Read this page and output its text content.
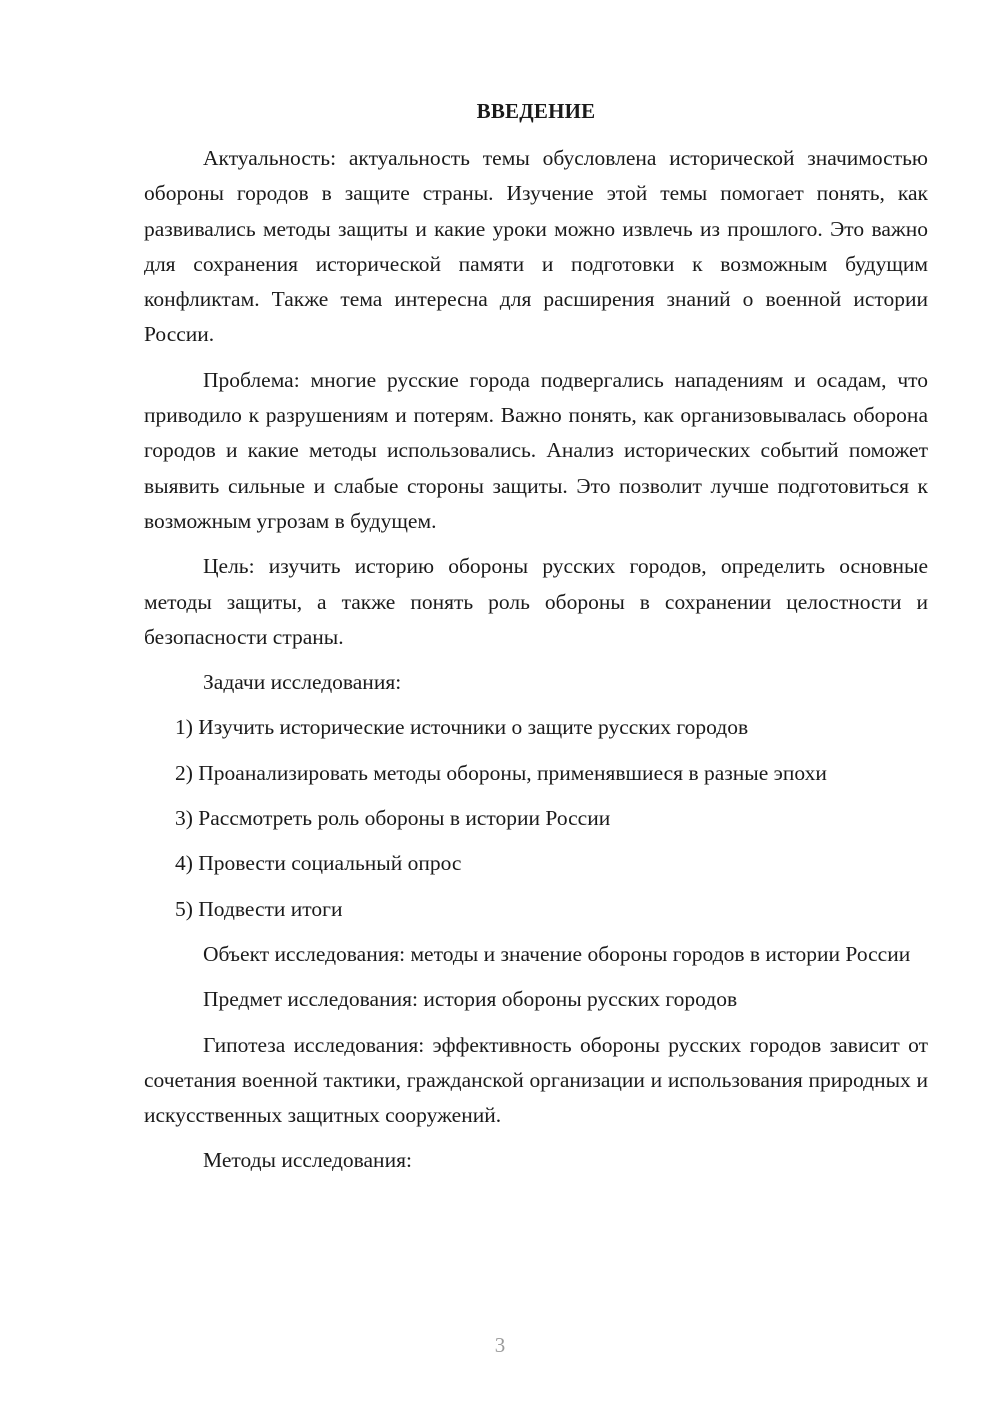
ВВЕДЕНИЕ

Актуальность: актуальность темы обусловлена исторической значимостью обороны городов в защите страны. Изучение этой темы помогает понять, как развивались методы защиты и какие уроки можно извлечь из прошлого. Это важно для сохранения исторической памяти и подготовки к возможным будущим конфликтам. Также тема интересна для расширения знаний о военной истории России.

Проблема: многие русские города подвергались нападениям и осадам, что приводило к разрушениям и потерям. Важно понять, как организовывалась оборона городов и какие методы использовались. Анализ исторических событий поможет выявить сильные и слабые стороны защиты. Это позволит лучше подготовиться к возможным угрозам в будущем.

Цель: изучить историю обороны русских городов, определить основные методы защиты, а также понять роль обороны в сохранении целостности и безопасности страны.

Задачи исследования:

1) Изучить исторические источники о защите русских городов

2) Проанализировать методы обороны, применявшиеся в разные эпохи

3) Рассмотреть роль обороны в истории России

4) Провести социальный опрос

5) Подвести итоги

Объект исследования: методы и значение обороны городов в истории России

Предмет исследования: история обороны русских городов

Гипотеза исследования: эффективность обороны русских городов зависит от сочетания военной тактики, гражданской организации и использования природных и искусственных защитных сооружений.

Методы исследования:

3
